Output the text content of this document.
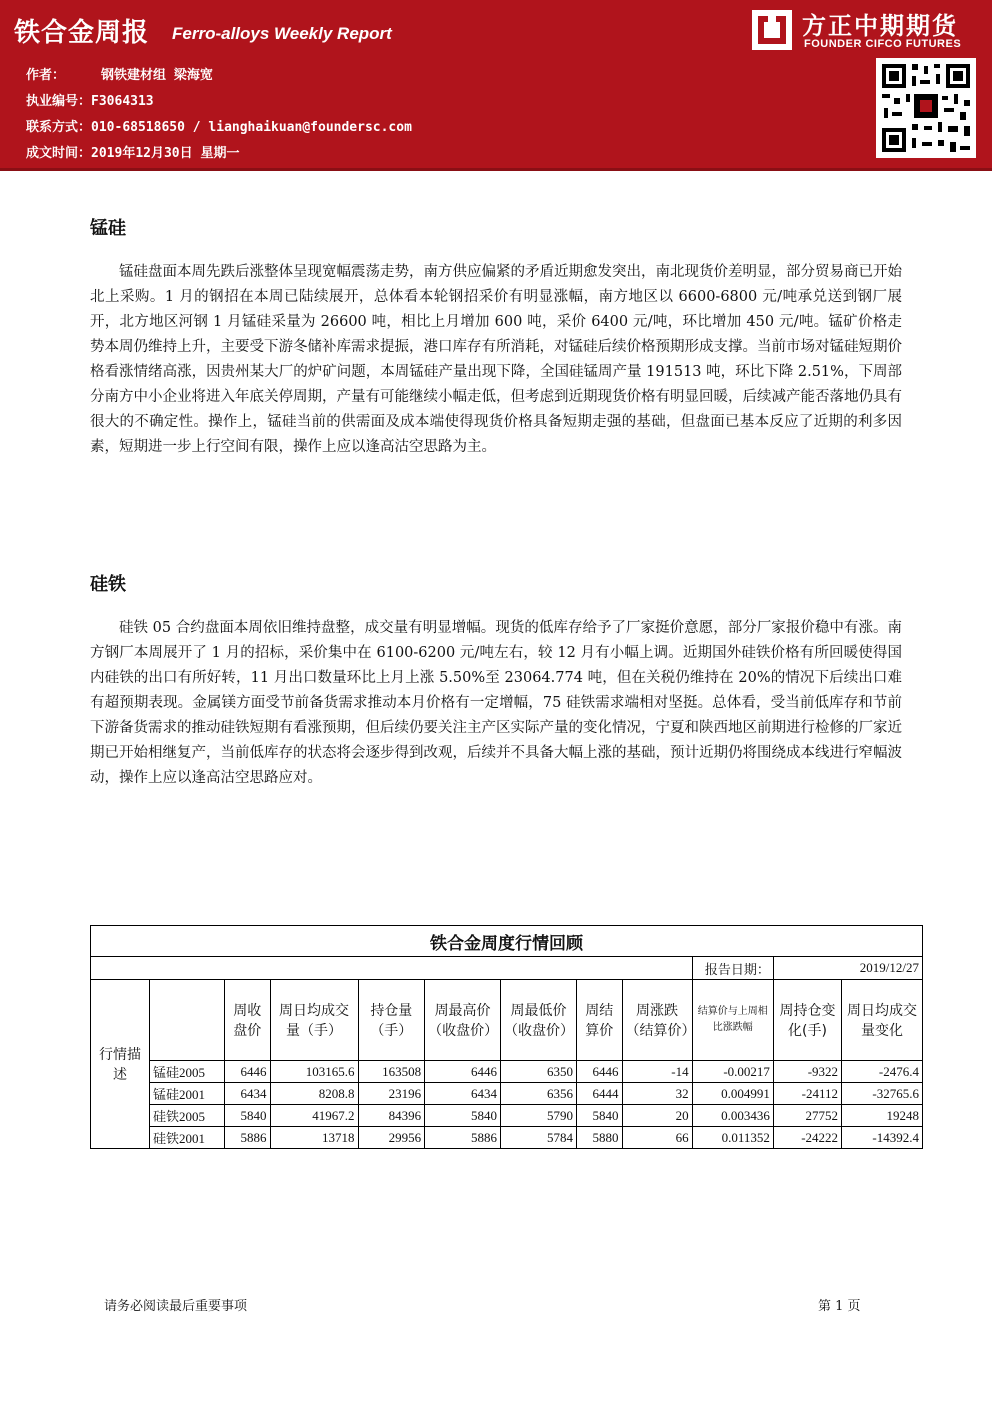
铁合金周报 Ferro-alloys Weekly Report
作者：	钢铁建材组 梁海宽
执业编号：F3064313
联系方式：010-68518650 / lianghaikuan@foundersc.com
成文时间：2019年12月30日 星期一
方正中期期货
FOUNDER CIFCO FUTURES
锰硅
锰硅盘面本周先跌后涨整体呈现宽幅震荡走势，南方供应偏紧的矛盾近期愈发突出，南北现货价差明显，部分贸易商已开始北上采购。1 月的钢招在本周已陆续展开，总体看本轮钢招采价有明显涨幅，南方地区以 6600-6800 元/吨承兑送到钢厂展开，北方地区河钢 1 月锰硅采量为 26600 吨，相比上月增加 600 吨，采价 6400 元/吨，环比增加 450 元/吨。锰矿价格走势本周仍维持上升，主要受下游冬储补库需求提振，港口库存有所消耗，对锰硅后续价格预期形成支撑。当前市场对锰硅短期价格看涨情绪高涨，因贵州某大厂的炉矿问题，本周锰硅产量出现下降，全国硅锰周产量 191513 吨，环比下降 2.51%，下周部分南方中小企业将进入年底关停周期，产量有可能继续小幅走低，但考虑到近期现货价格有明显回暖，后续减产能否落地仍具有很大的不确定性。操作上，锰硅当前的供需面及成本端使得现货价格具备短期走强的基础，但盘面已基本反应了近期的利多因素，短期进一步上行空间有限，操作上应以逢高沽空思路为主。
硅铁
硅铁 05 合约盘面本周依旧维持盘整，成交量有明显增幅。现货的低库存给予了厂家挺价意愿，部分厂家报价稳中有涨。南方钢厂本周展开了 1 月的招标，采价集中在 6100-6200 元/吨左右，较 12 月有小幅上调。近期国外硅铁价格有所回暖使得国内硅铁的出口有所好转，11 月出口数量环比上月上涨 5.50%至 23064.774 吨，但在关税仍维持在 20%的情况下后续出口难有超预期表现。金属镁方面受节前备货需求推动本月价格有一定增幅，75 硅铁需求端相对坚挺。总体看，受当前低库存和节前下游备货需求的推动硅铁短期有看涨预期，但后续仍要关注主产区实际产量的变化情况，宁夏和陕西地区前期进行检修的厂家近期已开始相继复产，当前低库存的状态将会逐步得到改观，后续并不具备大幅上涨的基础，预计近期仍将围绕成本线进行窄幅波动，操作上应以逢高沽空思路应对。
铁合金周度行情回顾											
									报告日期：	2019/12/27	
行情描述		周收盘价	周日均成交量（手）	持仓量（手）	周最高价（收盘价）	周最低价（收盘价）	周结算价	周涨跌（结算价）	结算价与上周相比涨跌幅	周持仓变化(手)	周日均成交量变化
	锰硅2005	6446	103165.6	163508	6446	6350	6446	-14	-0.00217	-9322	-2476.4
	锰硅2001	6434	8208.8	23196	6434	6356	6444	32	0.004991	-24112	-32765.6
	硅铁2005	5840	41967.2	84396	5840	5790	5840	20	0.003436	27752	19248
	硅铁2001	5886	13718	29956	5886	5784	5880	66	0.011352	-24222	-14392.4
请务必阅读最后重要事项	第 1 页
